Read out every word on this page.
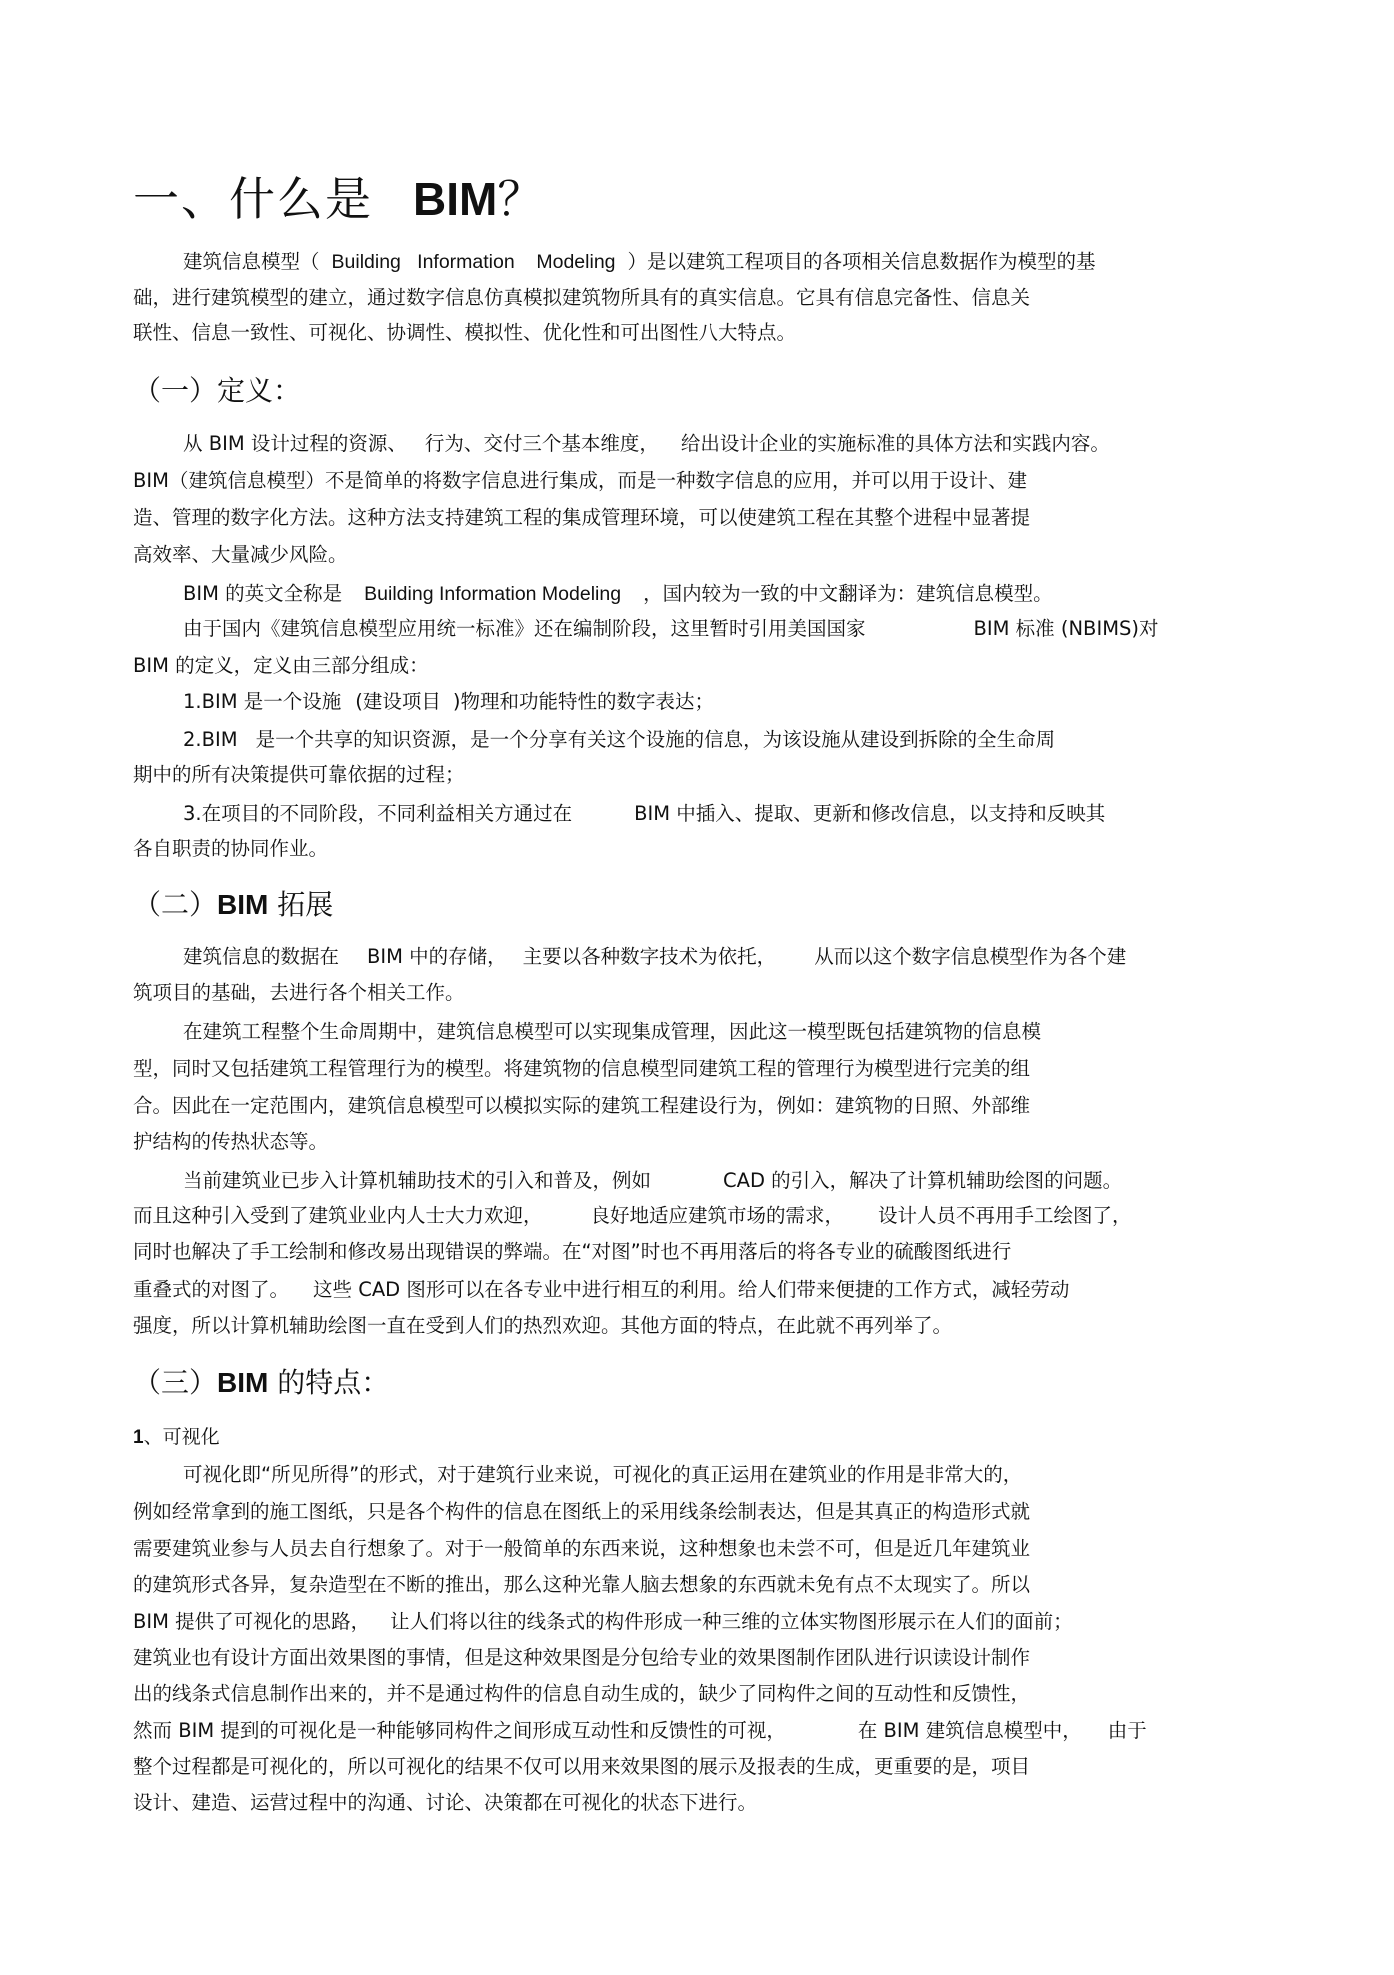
一、什么是 BIM？

建筑信息模型（ Building   Information    Modeling ）是以建筑工程项目的各项相关信息数据作为模型的基

础，进行建筑模型的建立，通过数字信息仿真模拟建筑物所具有的真实信息。它具有信息完备性、信息关

联性、信息一致性、可视化、协调性、模拟性、优化性和可出图性八大特点。

（一）定义：

从 BIM 设计过程的资源、 行为、交付三个基本维度， 给出设计企业的实施标准的具体方法和实践内容。

BIM（建筑信息模型）不是简单的将数字信息进行集成，而是一种数字信息的应用，并可以用于设计、建

造、管理的数字化方法。这种方法支持建筑工程的集成管理环境，可以使建筑工程在其整个进程中显著提

高效率、大量减少风险。

BIM 的英文全称是 Building Information Modeling ，国内较为一致的中文翻译为：建筑信息模型。

由于国内《建筑信息模型应用统一标准》还在编制阶段，这里暂时引用美国国家	BIM 标准 (NBIMS)对

BIM 的定义，定义由三部分组成：

1.BIM 是一个设施 (建设项目 )物理和功能特性的数字表达；

2.BIM 是一个共享的知识资源，是一个分享有关这个设施的信息，为该设施从建设到拆除的全生命周

期中的所有决策提供可靠依据的过程；

3.在项目的不同阶段，不同利益相关方通过在	BIM 中插入、提取、更新和修改信息，以支持和反映其

各自职责的协同作业。

（二）BIM 拓展

建筑信息的数据在 BIM 中的存储， 主要以各种数字技术为依托， 从而以这个数字信息模型作为各个建

筑项目的基础，去进行各个相关工作。

在建筑工程整个生命周期中，建筑信息模型可以实现集成管理，因此这一模型既包括建筑物的信息模

型，同时又包括建筑工程管理行为的模型。将建筑物的信息模型同建筑工程的管理行为模型进行完美的组

合。因此在一定范围内，建筑信息模型可以模拟实际的建筑工程建设行为，例如：建筑物的日照、外部维

护结构的传热状态等。

当前建筑业已步入计算机辅助技术的引入和普及，例如	CAD 的引入，解决了计算机辅助绘图的问题。

而且这种引入受到了建筑业业内人士大力欢迎， 良好地适应建筑市场的需求， 设计人员不再用手工绘图了，

同时也解决了手工绘制和修改易出现错误的弊端。在“对图”时也不再用落后的将各专业的硫酸图纸进行

重叠式的对图了。 这些 CAD 图形可以在各专业中进行相互的利用。给人们带来便捷的工作方式，减轻劳动

强度，所以计算机辅助绘图一直在受到人们的热烈欢迎。其他方面的特点，在此就不再列举了。

（三）BIM 的特点：

1、可视化

可视化即“所见所得”的形式，对于建筑行业来说，可视化的真正运用在建筑业的作用是非常大的，

例如经常拿到的施工图纸，只是各个构件的信息在图纸上的采用线条绘制表达，但是其真正的构造形式就

需要建筑业参与人员去自行想象了。对于一般简单的东西来说，这种想象也未尝不可，但是近几年建筑业

的建筑形式各异，复杂造型在不断的推出，那么这种光靠人脑去想象的东西就未免有点不太现实了。所以

BIM 提供了可视化的思路， 让人们将以往的线条式的构件形成一种三维的立体实物图形展示在人们的面前；

建筑业也有设计方面出效果图的事情，但是这种效果图是分包给专业的效果图制作团队进行识读设计制作

出的线条式信息制作出来的，并不是通过构件的信息自动生成的，缺少了同构件之间的互动性和反馈性，

然而 BIM 提到的可视化是一种能够同构件之间形成互动性和反馈性的可视，	在 BIM 建筑信息模型中， 由于

整个过程都是可视化的，所以可视化的结果不仅可以用来效果图的展示及报表的生成，更重要的是，项目

设计、建造、运营过程中的沟通、讨论、决策都在可视化的状态下进行。
